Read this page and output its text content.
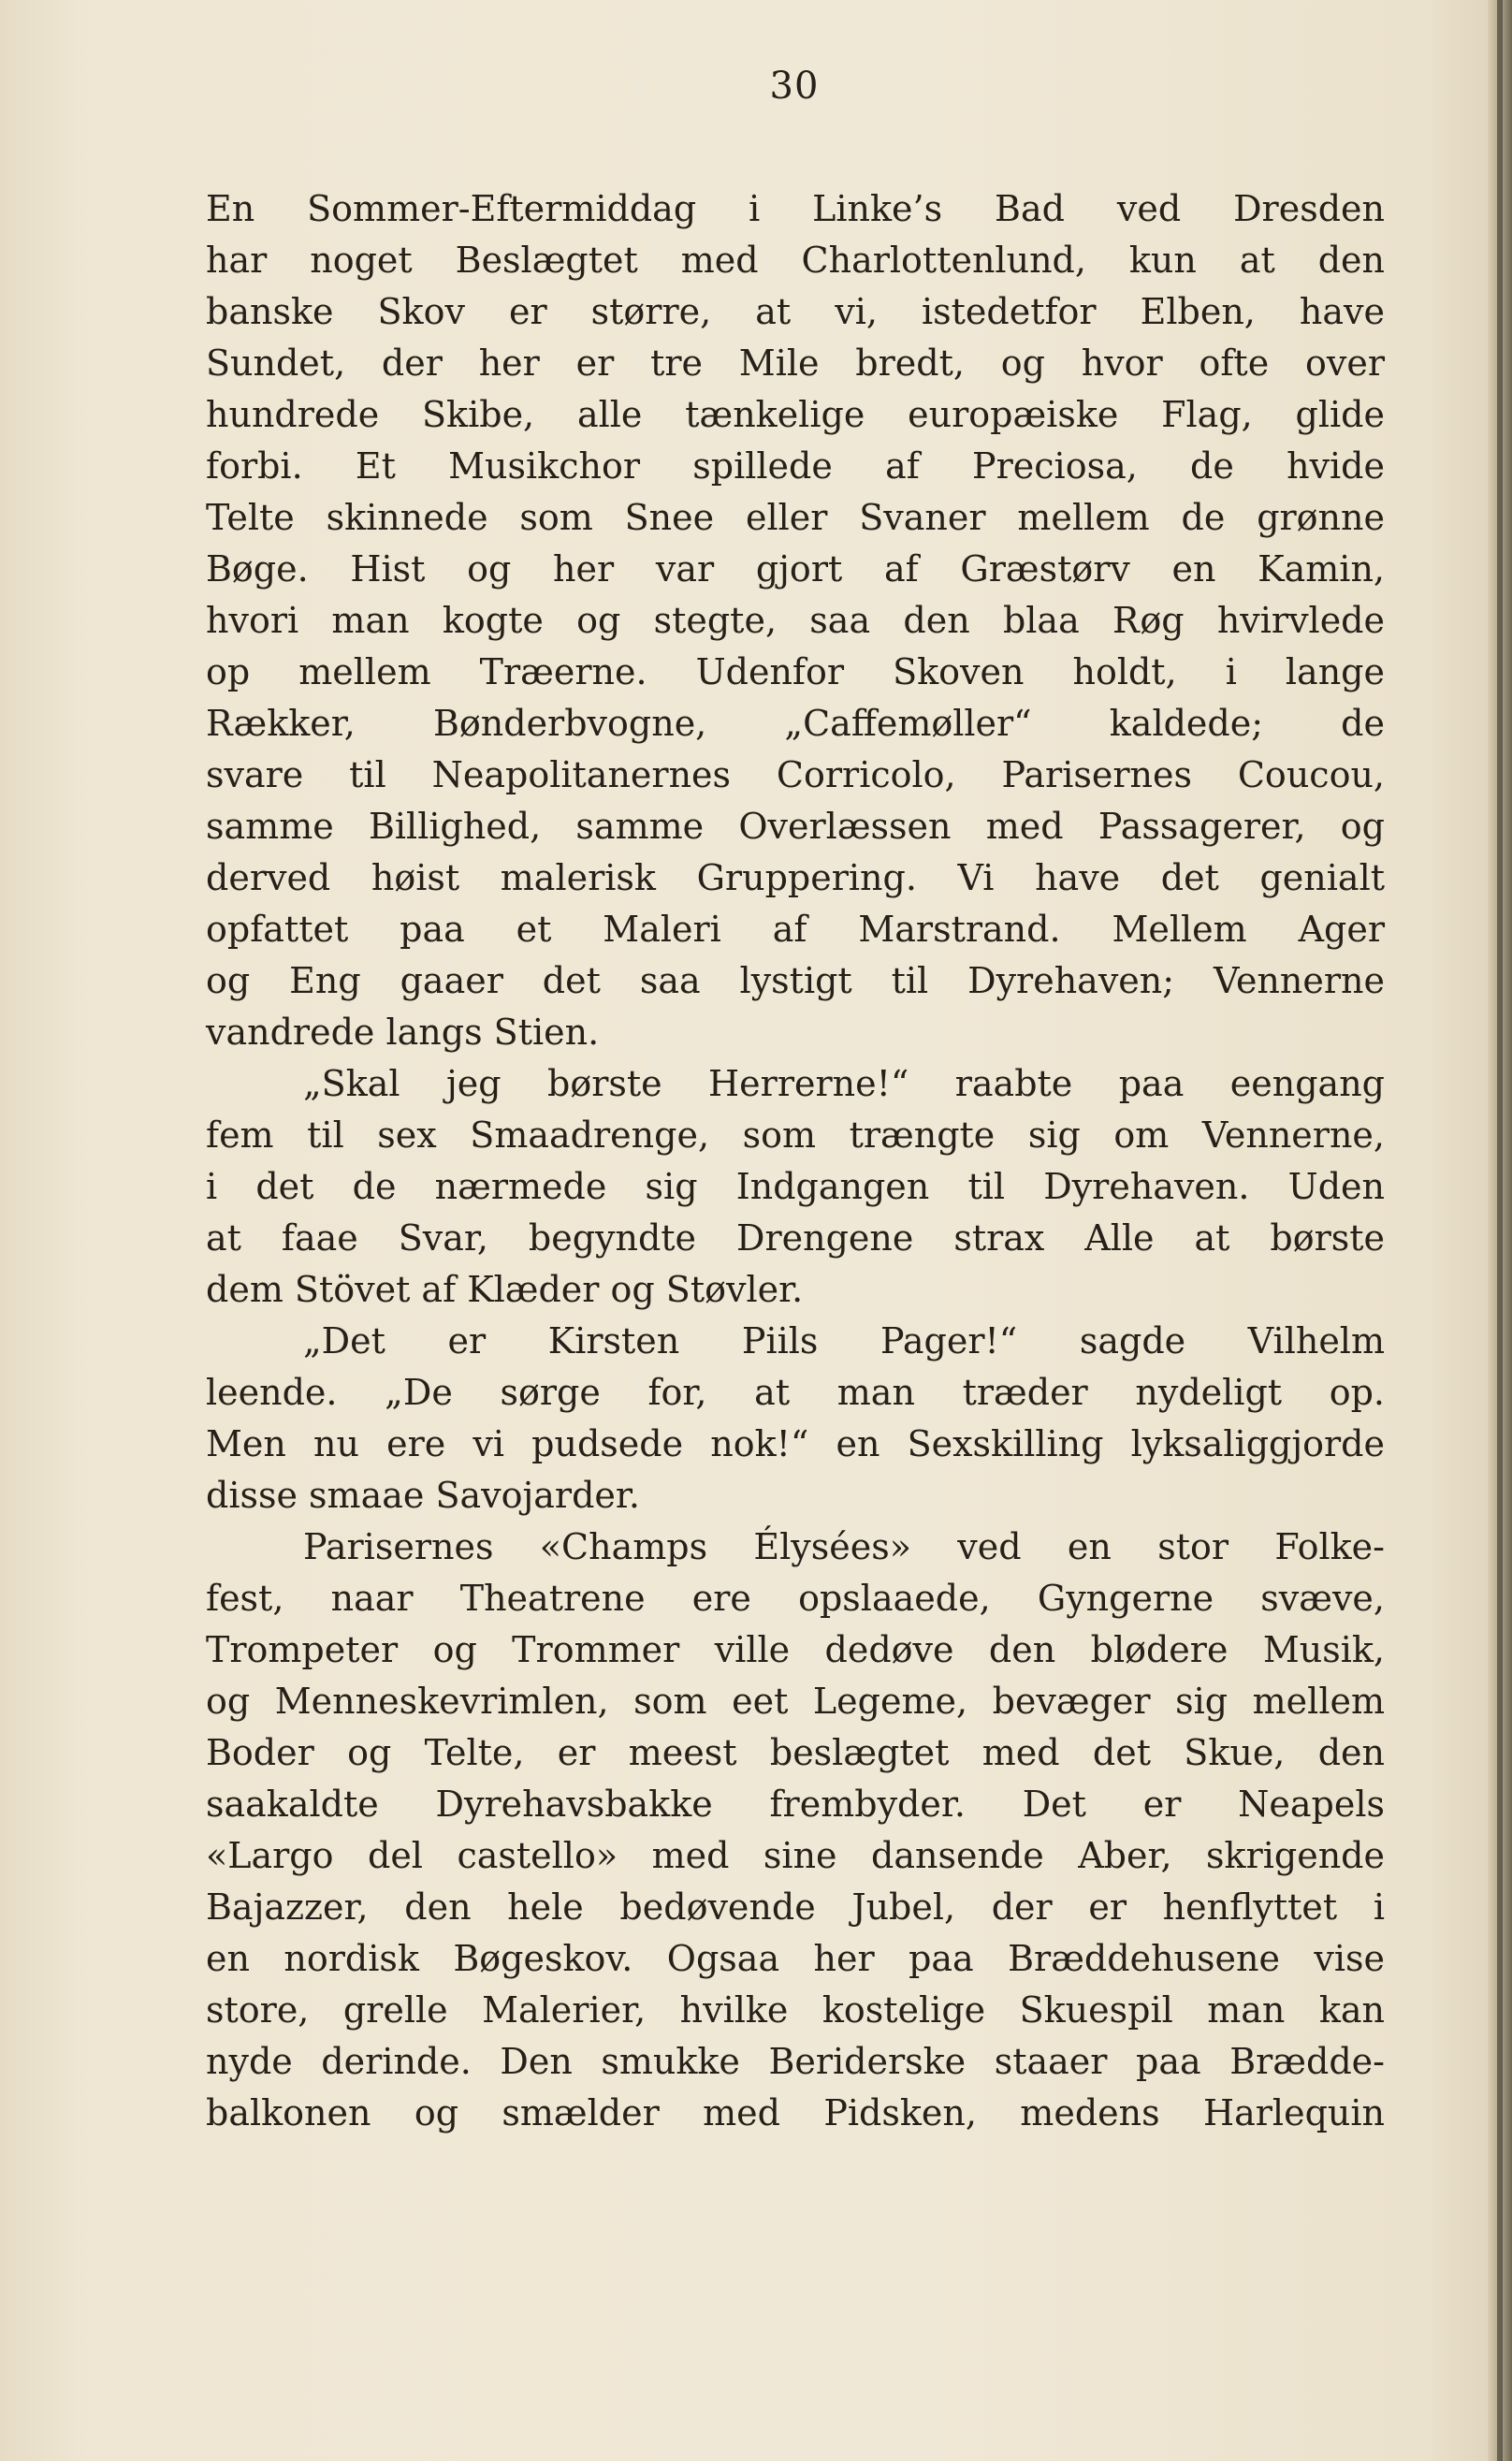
30
En Sommer-Eftermiddag i Linke’s Bad ved Dresden
har noget Beslægtet med Charlottenlund, kun at den
banske Skov er større, at vi, istedetfor Elben, have
Sundet, der her er tre Mile bredt, og hvor ofte over
hundrede Skibe, alle tænkelige europæiske Flag, glide
forbi. Et Musikchor spillede af Preciosa, de hvide
Telte skinnede som Snee eller Svaner mellem de grønne
Bøge. Hist og her var gjort af Græstørv en Kamin,
hvori man kogte og stegte, saa den blaa Røg hvirvlede
op mellem Træerne. Udenfor Skoven holdt, i lange
Rækker, Bønderbvogne, „Caffemøller“ kaldede; de
svare til Neapolitanernes Corricolo, Parisernes Coucou,
samme Billighed, samme Overlæssen med Passagerer, og
derved høist malerisk Gruppering. Vi have det genialt
opfattet paa et Maleri af Marstrand. Mellem Ager
og Eng gaaer det saa lystigt til Dyrehaven; Vennerne
vandrede langs Stien.
„Skal jeg børste Herrerne!“ raabte paa eengang
fem til sex Smaadrenge, som trængte sig om Vennerne,
i det de nærmede sig Indgangen til Dyrehaven. Uden
at faae Svar, begyndte Drengene strax Alle at børste
dem Stövet af Klæder og Støvler.
„Det er Kirsten Piils Pager!“ sagde Vilhelm
leende. „De sørge for, at man træder nydeligt op.
Men nu ere vi pudsede nok!“ en Sexskilling lyksaliggjorde
disse smaae Savojarder.
Parisernes «Champs Élysées» ved en stor Folke-
fest, naar Theatrene ere opslaaede, Gyngerne svæve,
Trompeter og Trommer ville dedøve den blødere Musik,
og Menneskevrimlen, som eet Legeme, bevæger sig mellem
Boder og Telte, er meest beslægtet med det Skue, den
saakaldte Dyrehavsbakke frembyder. Det er Neapels
«Largo del castello» med sine dansende Aber, skrigende
Bajazzer, den hele bedøvende Jubel, der er henflyttet i
en nordisk Bøgeskov. Ogsaa her paa Bræddehusene vise
store, grelle Malerier, hvilke kostelige Skuespil man kan
nyde derinde. Den smukke Beriderske staaer paa Brædde-
balkonen og smælder med Pidsken, medens Harlequin
